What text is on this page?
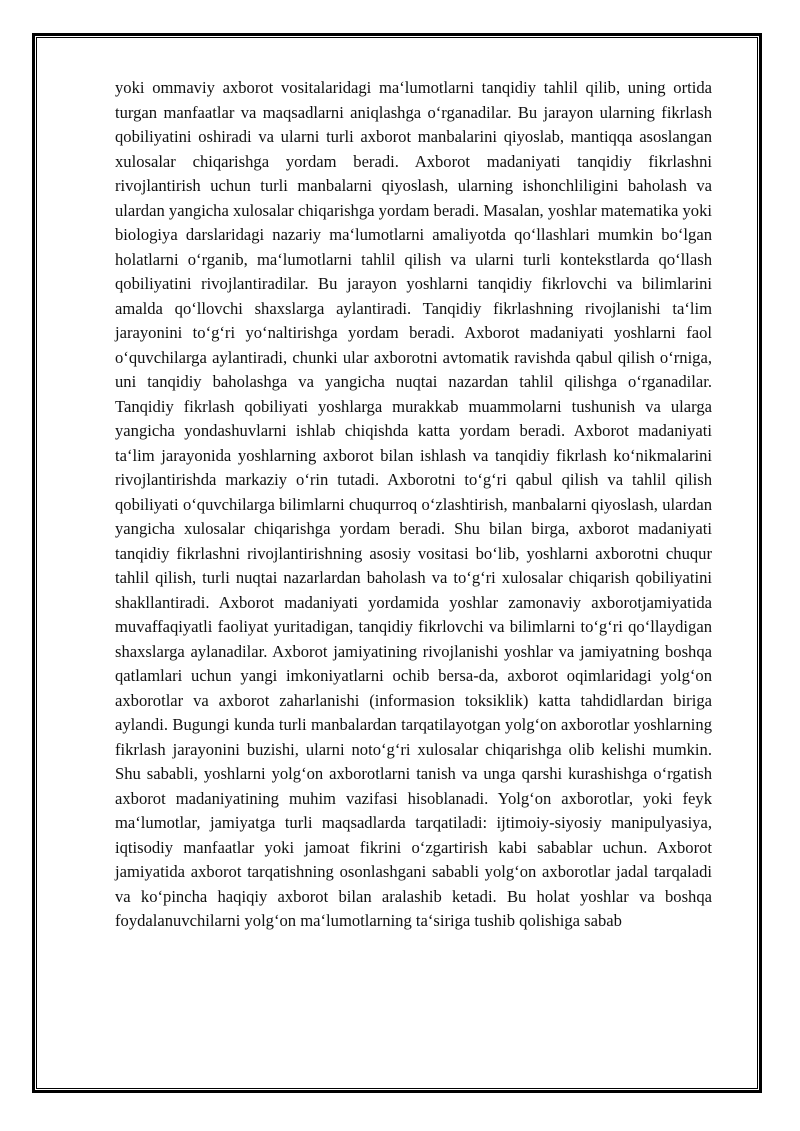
yoki ommaviy axborot vositalaridagi ma‘lumotlarni tanqidiy tahlil qilib, uning ortida turgan manfaatlar va maqsadlarni aniqlashga o‘rganadilar. Bu jarayon ularning fikrlash qobiliyatini oshiradi va ularni turli axborot manbalarini qiyoslab, mantiqqa asoslangan xulosalar chiqarishga yordam beradi. Axborot madaniyati tanqidiy fikrlashni rivojlantirish uchun turli manbalarni qiyoslash, ularning ishonchliligini baholash va ulardan yangicha xulosalar chiqarishga yordam beradi. Masalan, yoshlar matematika yoki biologiya darslaridagi nazariy ma‘lumotlarni amaliyotda qo‘llashlari mumkin bo‘lgan holatlarni o‘rganib, ma‘lumotlarni tahlil qilish va ularni turli kontekstlarda qo‘llash qobiliyatini rivojlantiradilar. Bu jarayon yoshlarni tanqidiy fikrlovchi va bilimlarini amalda qo‘llovchi shaxslarga aylantiradi. Tanqidiy fikrlashning rivojlanishi ta‘lim jarayonini to‘g‘ri yo‘naltirishga yordam beradi. Axborot madaniyati yoshlarni faol o‘quvchilarga aylantiradi, chunki ular axborotni avtomatik ravishda qabul qilish o‘rniga, uni tanqidiy baholashga va yangicha nuqtai nazardan tahlil qilishga o‘rganadilar. Tanqidiy fikrlash qobiliyati yoshlarga murakkab muammolarni tushunish va ularga yangicha yondashuvlarni ishlab chiqishda katta yordam beradi. Axborot madaniyati ta‘lim jarayonida yoshlarning axborot bilan ishlash va tanqidiy fikrlash ko‘nikmalarini rivojlantirishda markaziy o‘rin tutadi. Axborotni to‘g‘ri qabul qilish va tahlil qilish qobiliyati o‘quvchilarga bilimlarni chuqurroq o‘zlashtirish, manbalarni qiyoslash, ulardan yangicha xulosalar chiqarishga yordam beradi. Shu bilan birga, axborot madaniyati tanqidiy fikrlashni rivojlantirishning asosiy vositasi bo‘lib, yoshlarni axborotni chuqur tahlil qilish, turli nuqtai nazarlardan baholash va to‘g‘ri xulosalar chiqarish qobiliyatini shakllantiradi. Axborot madaniyati yordamida yoshlar zamonaviy axborotjamiyatida muvaffaqiyatli faoliyat yuritadigan, tanqidiy fikrlovchi va bilimlarni to‘g‘ri qo‘llaydigan shaxslarga aylanadilar. Axborot jamiyatining rivojlanishi yoshlar va jamiyatning boshqa qatlamlari uchun yangi imkoniyatlarni ochib bersa-da, axborot oqimlaridagi yolg‘on axborotlar va axborot zaharlanishi (informasion toksiklik) katta tahdidlardan biriga aylandi. Bugungi kunda turli manbalardan tarqatilayotgan yolg‘on axborotlar yoshlarning fikrlash jarayonini buzishi, ularni noto‘g‘ri xulosalar chiqarishga olib kelishi mumkin. Shu sababli, yoshlarni yolg‘on axborotlarni tanish va unga qarshi kurashishga o‘rgatish axborot madaniyatining muhim vazifasi hisoblanadi. Yolg‘on axborotlar, yoki feyk ma‘lumotlar, jamiyatga turli maqsadlarda tarqatiladi: ijtimoiy-siyosiy manipulyasiya, iqtisodiy manfaatlar yoki jamoat fikrini o‘zgartirish kabi sabablar uchun. Axborot jamiyatida axborot tarqatishning osonlashgani sababli yolg‘on axborotlar jadal tarqaladi va ko‘pincha haqiqiy axborot bilan aralashib ketadi. Bu holat yoshlar va boshqa foydalanuvchilarni yolg‘on ma‘lumotlarning ta‘siriga tushib qolishiga sabab
